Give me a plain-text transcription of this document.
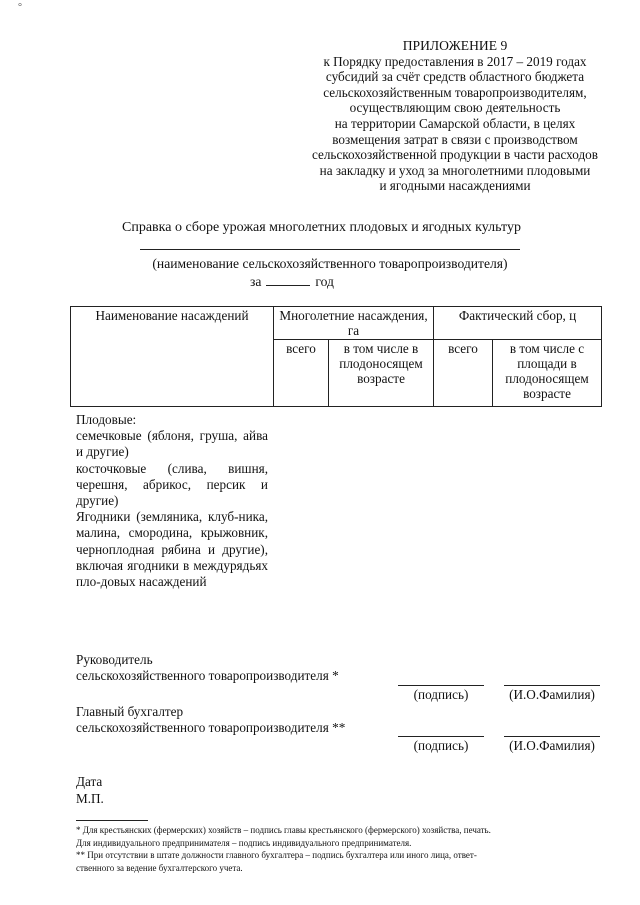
°
ПРИЛОЖЕНИЕ 9
к Порядку предоставления в 2017 – 2019 годах
субсидий за счёт средств областного бюджета
сельскохозяйственным товаропроизводителям,
осуществляющим свою деятельность
на территории Самарской области, в целях
возмещения затрат в связи с производством
сельскохозяйственной продукции в части расходов
на закладку и уход за многолетними плодовыми
и ягодными насаждениями
Справка о сборе урожая многолетних плодовых и ягодных культур
(наименование сельскохозяйственного товаропроизводителя)
за	год
Наименование насаждений	Многолетние насаждения, га		Фактический сбор, ц	
	всего	в том числе в плодоносящем возрасте	всего	в том числе с площади в плодоносящем возрасте

Плодовые:

семечковые (яблоня, груша, айва и другие)

косточковые (слива, вишня, черешня, абрикос, персик и другие)

Ягодники (земляника, клуб-ника, малина, смородина, крыжовник, черноплодная рябина и другие), включая ягодники в междурядьях пло-довых насаждений

Руководитель
сельскохозяйственного товаропроизводителя *
(подпись)	(И.О.Фамилия)
Главный бухгалтер
сельскохозяйственного товаропроизводителя **
(подпись)	(И.О.Фамилия)
Дата
М.П.

* Для крестьянских (фермерских) хозяйств – подпись главы крестьянского (фермерского) хозяйства, печать.

Для индивидуального предпринимателя – подпись индивидуального предпринимателя.

** При отсутствии в штате должности главного бухгалтера – подпись бухгалтера или иного лица, ответ-

ственного за ведение бухгалтерского учета.
